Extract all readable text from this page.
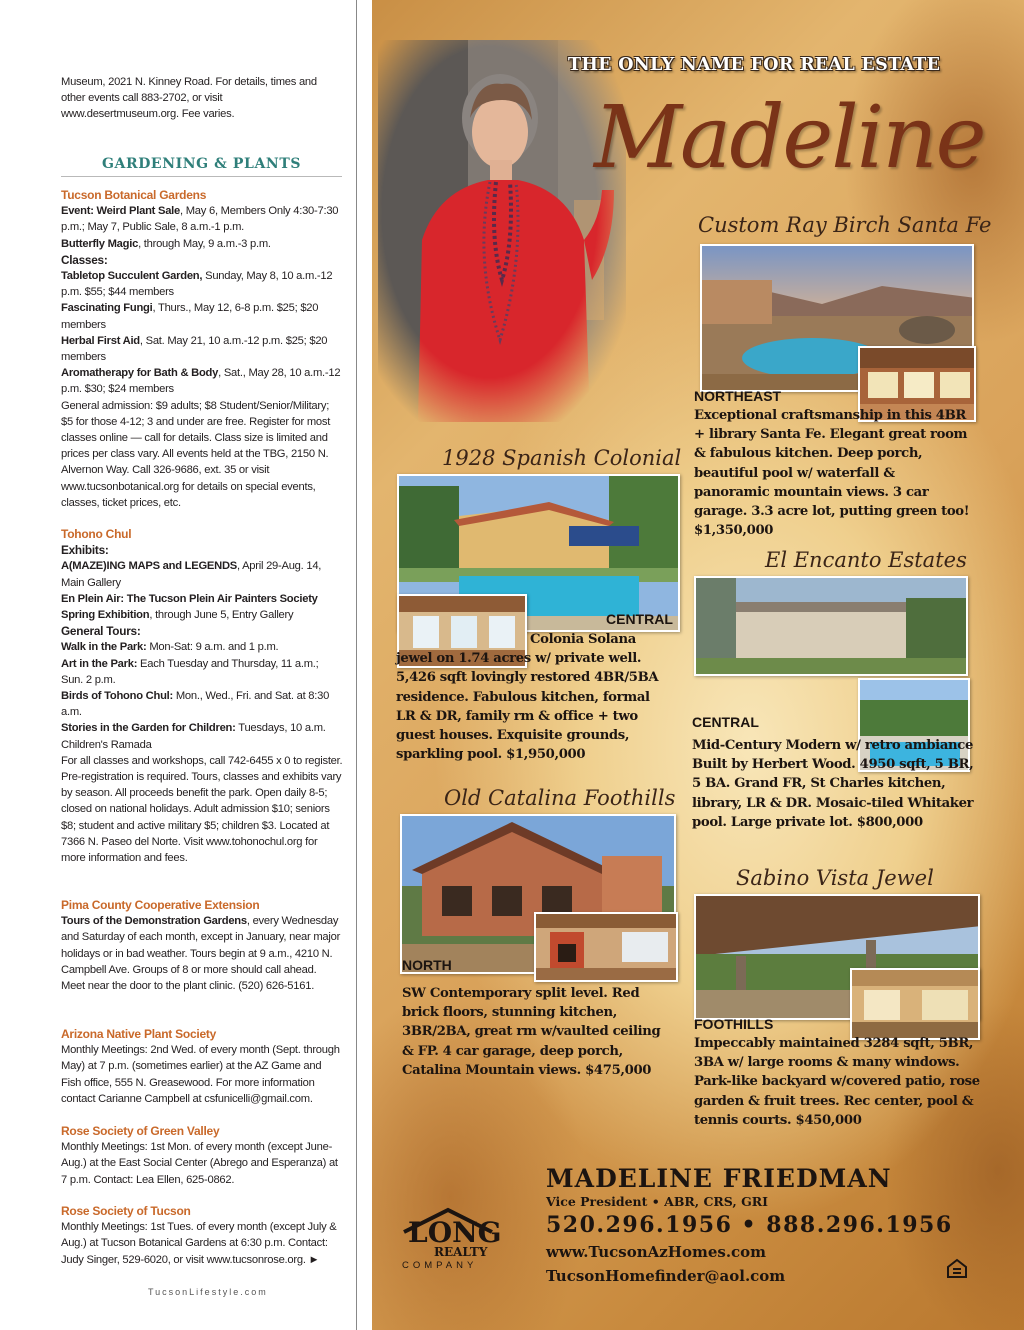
Museum, 2021 N. Kinney Road. For details, times and other events call 883-2702, or visit www.desertmuseum.org. Fee varies.

GARDENING & PLANTS
Tucson Botanical Gardens
Event: Weird Plant Sale, May 6, Members Only 4:30-7:30 p.m.; May 7, Public Sale, 8 a.m.-1 p.m.
Butterfly Magic, through May, 9 a.m.-3 p.m.
Classes:
Tabletop Succulent Garden, Sunday, May 8, 10 a.m.-12 p.m. $55; $44 members
Fascinating Fungi, Thurs., May 12, 6-8 p.m. $25; $20 members
Herbal First Aid, Sat. May 21, 10 a.m.-12 p.m. $25; $20 members
Aromatherapy for Bath & Body, Sat., May 28, 10 a.m.-12 p.m. $30; $24 members
General admission: $9 adults; $8 Student/Senior/Military; $5 for those 4-12; 3 and under are free. Register for most classes online — call for details. Class size is limited and prices per class vary. All events held at the TBG, 2150 N. Alvernon Way. Call 326-9686, ext. 35 or visit www.tucsonbotanical.org for details on special events, classes, ticket prices, etc.
Tohono Chul
Exhibits:
A(MAZE)ING MAPS and LEGENDS, April 29-Aug. 14, Main Gallery
En Plein Air: The Tucson Plein Air Painters Society Spring Exhibition, through June 5, Entry Gallery
General Tours:
Walk in the Park: Mon-Sat: 9 a.m. and 1 p.m.
Art in the Park: Each Tuesday and Thursday, 11 a.m.; Sun. 2 p.m.
Birds of Tohono Chul: Mon., Wed., Fri. and Sat. at 8:30 a.m.
Stories in the Garden for Children: Tuesdays, 10 a.m. Children's Ramada
For all classes and workshops, call 742-6455 x 0 to register. Pre-registration is required. Tours, classes and exhibits vary by season. All proceeds benefit the park. Open daily 8-5; closed on national holidays. Adult admission $10; seniors $8; student and active military $5; children $3. Located at 7366 N. Paseo del Norte. Visit www.tohonochul.org for more information and fees.
Pima County Cooperative Extension
Tours of the Demonstration Gardens, every Wednesday and Saturday of each month, except in January, near major holidays or in bad weather. Tours begin at 9 a.m., 4210 N. Campbell Ave. Groups of 8 or more should call ahead. Meet near the door to the plant clinic. (520) 626-5161.
Arizona Native Plant Society
Monthly Meetings: 2nd Wed. of every month (Sept. through May) at 7 p.m. (sometimes earlier) at the AZ Game and Fish office, 555 N. Greasewood. For more information contact Carianne Campbell at csfunicelli@gmail.com.
Rose Society of Green Valley
Monthly Meetings: 1st Mon. of every month (except June-Aug.) at the East Social Center (Abrego and Esperanza) at 7 p.m. Contact: Lea Ellen, 625-0862.
Rose Society of Tucson
Monthly Meetings: 1st Tues. of every month (except July & Aug.) at Tucson Botanical Gardens at 6:30 p.m. Contact: Judy Singer, 529-6020, or visit www.tucsonrose.org. ►
TucsonLifestyle.com
THE ONLY NAME FOR REAL ESTATE
Madeline
Custom Ray Birch Santa Fe
NORTHEAST
Exceptional craftsmanship in this 4BR + library Santa Fe. Elegant great room & fabulous kitchen. Deep porch, beautiful pool w/ waterfall & panoramic mountain views. 3 car garage. 3.3 acre lot, putting green too! $1,350,000
1928 Spanish Colonial
CENTRAL
Colonia Solana jewel on 1.74 acres w/ private well. 5,426 sqft lovingly restored 4BR/5BA residence. Fabulous kitchen, formal LR & DR, family rm & office + two guest houses. Exquisite grounds, sparkling pool. $1,950,000
El Encanto Estates
CENTRAL
Mid-Century Modern w/ retro ambiance Built by Herbert Wood. 4950 sqft, 5 BR, 5 BA. Grand FR, St Charles kitchen, library, LR & DR. Mosaic-tiled Whitaker pool. Large private lot. $800,000
Old Catalina Foothills
NORTH
SW Contemporary split level. Red brick floors, stunning kitchen, 3BR/2BA, great rm w/vaulted ceiling & FP. 4 car garage, deep porch, Catalina Mountain views. $475,000
Sabino Vista Jewel
FOOTHILLS
Impeccably maintained 3284 sqft, 5BR, 3BA w/ large rooms & many windows. Park-like backyard w/covered patio, rose garden & fruit trees. Rec center, pool & tennis courts. $450,000
LONG
REALTY
COMPANY
MADELINE FRIEDMAN
Vice President • ABR, CRS, GRI
520.296.1956 • 888.296.1956
www.TucsonAzHomes.com
TucsonHomefinder@aol.com
